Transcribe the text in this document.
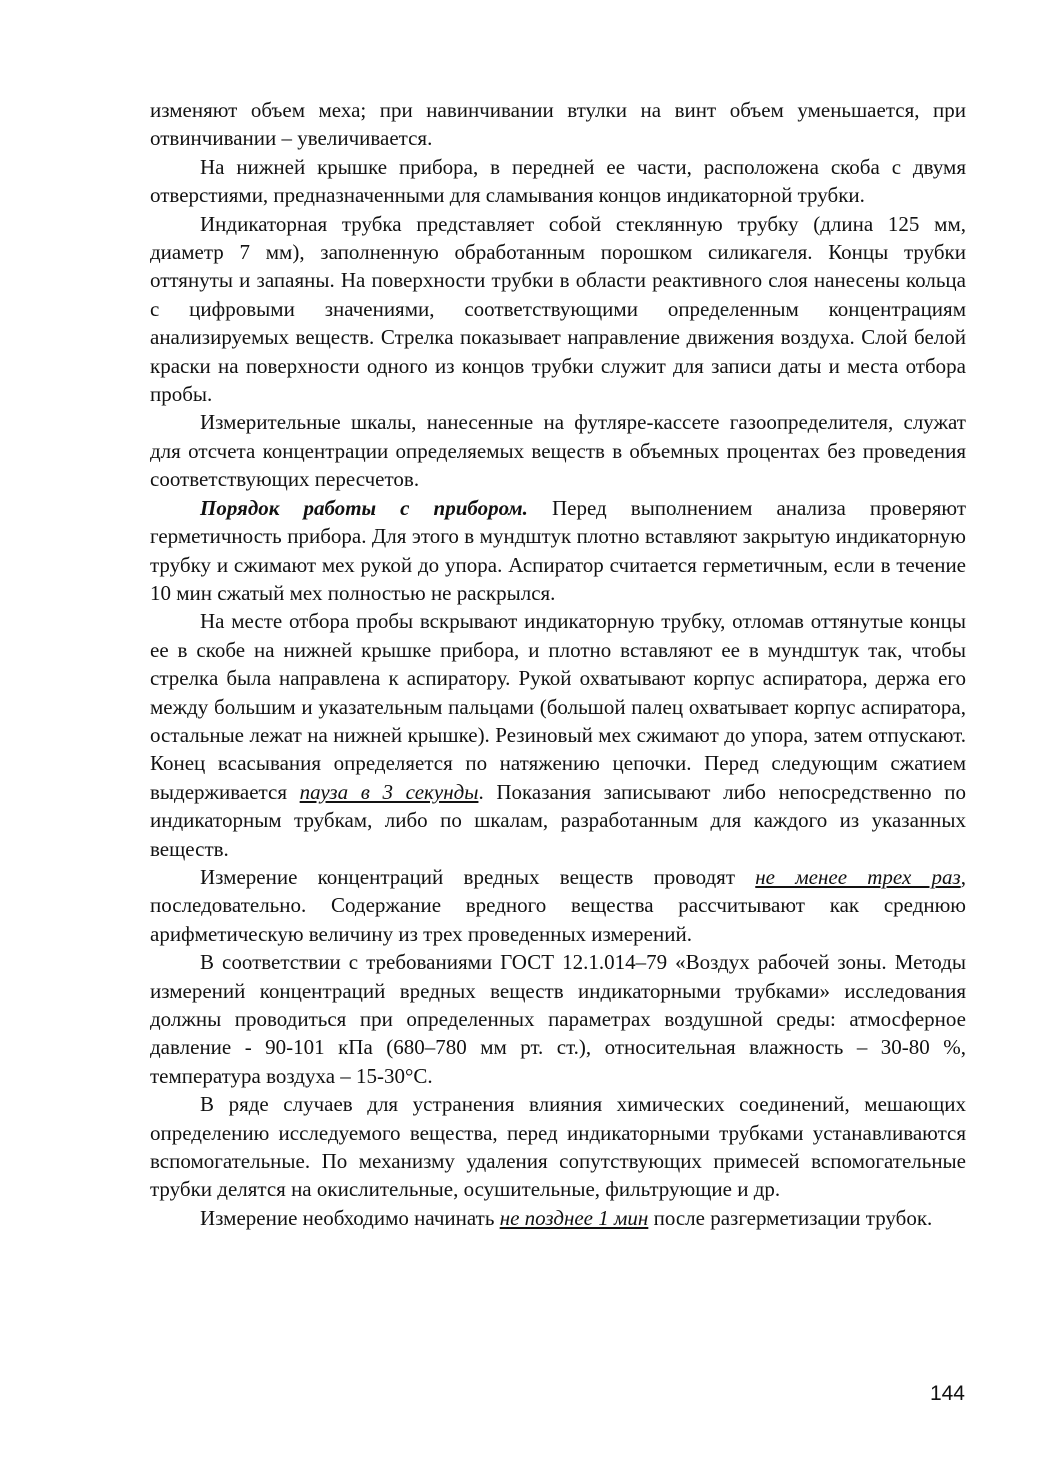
изменяют объем меха; при навинчивании втулки на винт объем уменьшается, при отвинчивании – увеличивается.

На нижней крышке прибора, в передней ее части, расположена скоба с двумя отверстиями, предназначенными для сламывания концов индикаторной трубки.

Индикаторная трубка представляет собой стеклянную трубку (длина 125 мм, диаметр 7 мм), заполненную обработанным порошком силикагеля. Концы трубки оттянуты и запаяны. На поверхности трубки в области реактивного слоя нанесены кольца с цифровыми значениями, соответствующими определенным концентрациям анализируемых веществ. Стрелка показывает направление движения воздуха. Слой белой краски на поверхности одного из концов трубки служит для записи даты и места отбора пробы.

Измерительные шкалы, нанесенные на футляре-кассете газоопределителя, служат для отсчета концентрации определяемых веществ в объемных процентах без проведения соответствующих пересчетов.

Порядок работы с прибором. Перед выполнением анализа проверяют герметичность прибора. Для этого в мундштук плотно вставляют закрытую индикаторную трубку и сжимают мех рукой до упора. Аспиратор считается герметичным, если в течение 10 мин сжатый мех полностью не раскрылся.

На месте отбора пробы вскрывают индикаторную трубку, отломав оттянутые концы ее в скобе на нижней крышке прибора, и плотно вставляют ее в мундштук так, чтобы стрелка была направлена к аспиратору. Рукой охватывают корпус аспиратора, держа его между большим и указательным пальцами (большой палец охватывает корпус аспиратора, остальные лежат на нижней крышке). Резиновый мех сжимают до упора, затем отпускают. Конец всасывания определяется по натяжению цепочки. Перед следующим сжатием выдерживается пауза в 3 секунды. Показания записывают либо непосредственно по индикаторным трубкам, либо по шкалам, разработанным для каждого из указанных веществ.

Измерение концентраций вредных веществ проводят не менее трех раз, последовательно. Содержание вредного вещества рассчитывают как среднюю арифметическую величину из трех проведенных измерений.

В соответствии с требованиями ГОСТ 12.1.014–79 «Воздух рабочей зоны. Методы измерений концентраций вредных веществ индикаторными трубками» исследования должны проводиться при определенных параметрах воздушной среды: атмосферное давление - 90-101 кПа (680–780 мм рт. ст.), относительная влажность – 30-80 %, температура воздуха – 15-30°С.

В ряде случаев для устранения влияния химических соединений, мешающих определению исследуемого вещества, перед индикаторными трубками устанавливаются вспомогательные. По механизму удаления сопутствующих примесей вспомогательные трубки делятся на окислительные, осушительные, фильтрующие и др.

Измерение необходимо начинать не позднее 1 мин после разгерметизации трубок.

144
